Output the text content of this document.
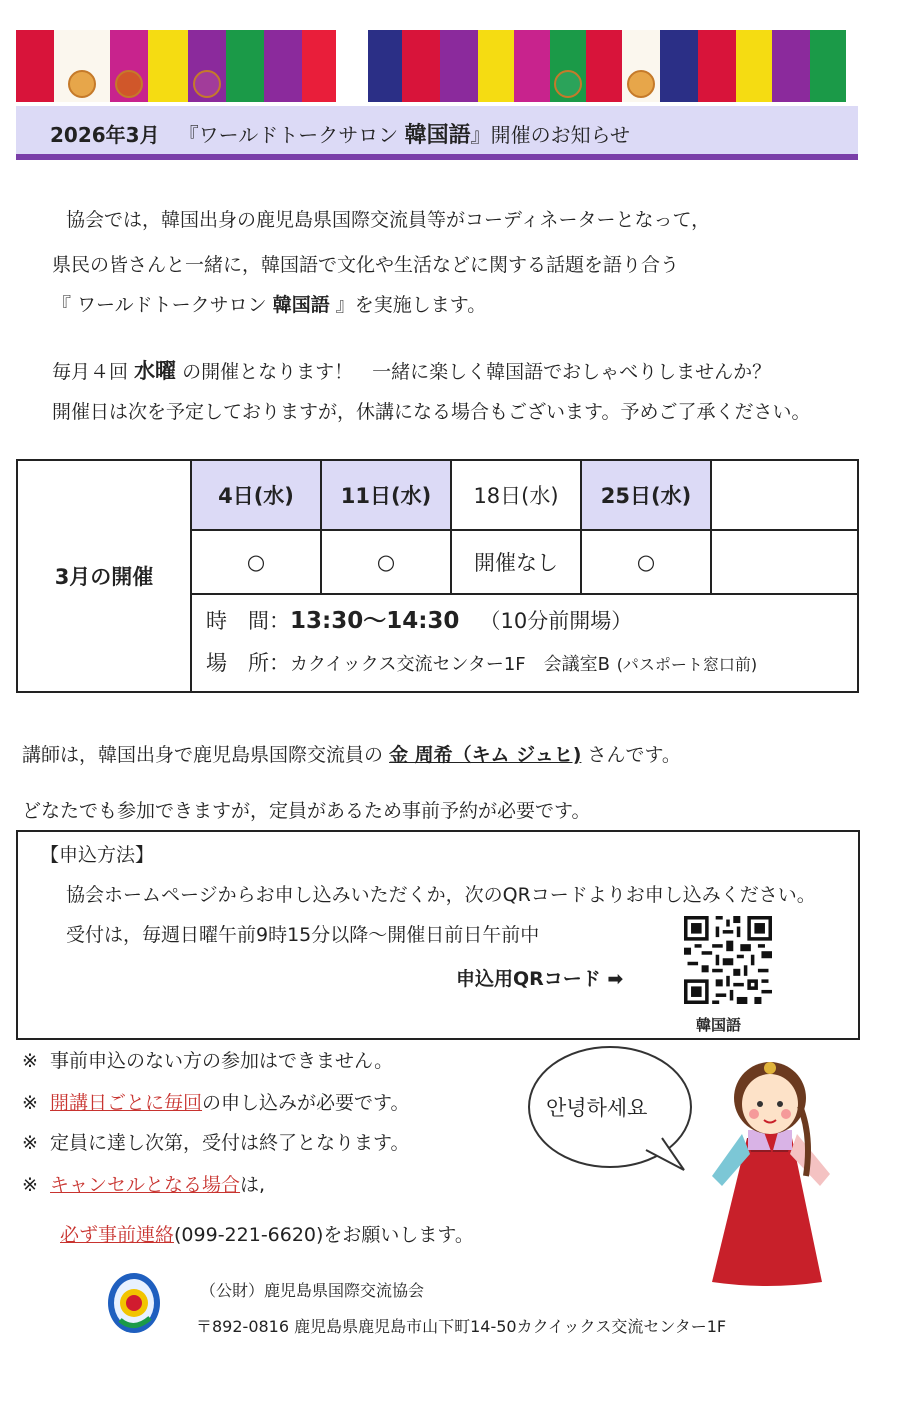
2026年3月 『ワールドトークサロン 韓国語』開催のお知らせ
協会では，韓国出身の鹿児島県国際交流員等がコーディネーターとなって，
県民の皆さんと一緒に，韓国語で文化や生活などに関する話題を語り合う
『 ワールドトークサロン 韓国語 』を実施します。
毎月４回 水曜 の開催となります！　一緒に楽しく韓国語でおしゃべりしませんか？
開催日は次を予定しておりますが，休講になる場合もございます。予めご了承ください。
3月の開催	4日(水)	11日(水)	18日(水)	25日(水)	
	○	○	開催なし	○	

	時　間：13:30～14:30 （10分前開場）
場　所：カクイックス交流センター1F　会議室B (パスポート窓口前)				
講師は，韓国出身で鹿児島県国際交流員の 金 周希（キム ジュヒ) さんです。
どなたでも参加できますが，定員があるため事前予約が必要です。
【申込方法】
協会ホームページからお申し込みいただくか，次のQRコードよりお申し込みください。
受付は，毎週日曜午前9時15分以降～開催日前日午前中
申込用QRコード ➡
韓国語
※ 事前申込のない方の参加はできません。
※ 開講日ごとに毎回の申し込みが必要です。
※ 定員に達し次第，受付は終了となります。
※ キャンセルとなる場合は,
必ず事前連絡(099-221-6620)をお願いします。
안녕하세요
（公財）鹿児島県国際交流協会
〒892-0816 鹿児島県鹿児島市山下町14-50カクイックス交流センター1F
